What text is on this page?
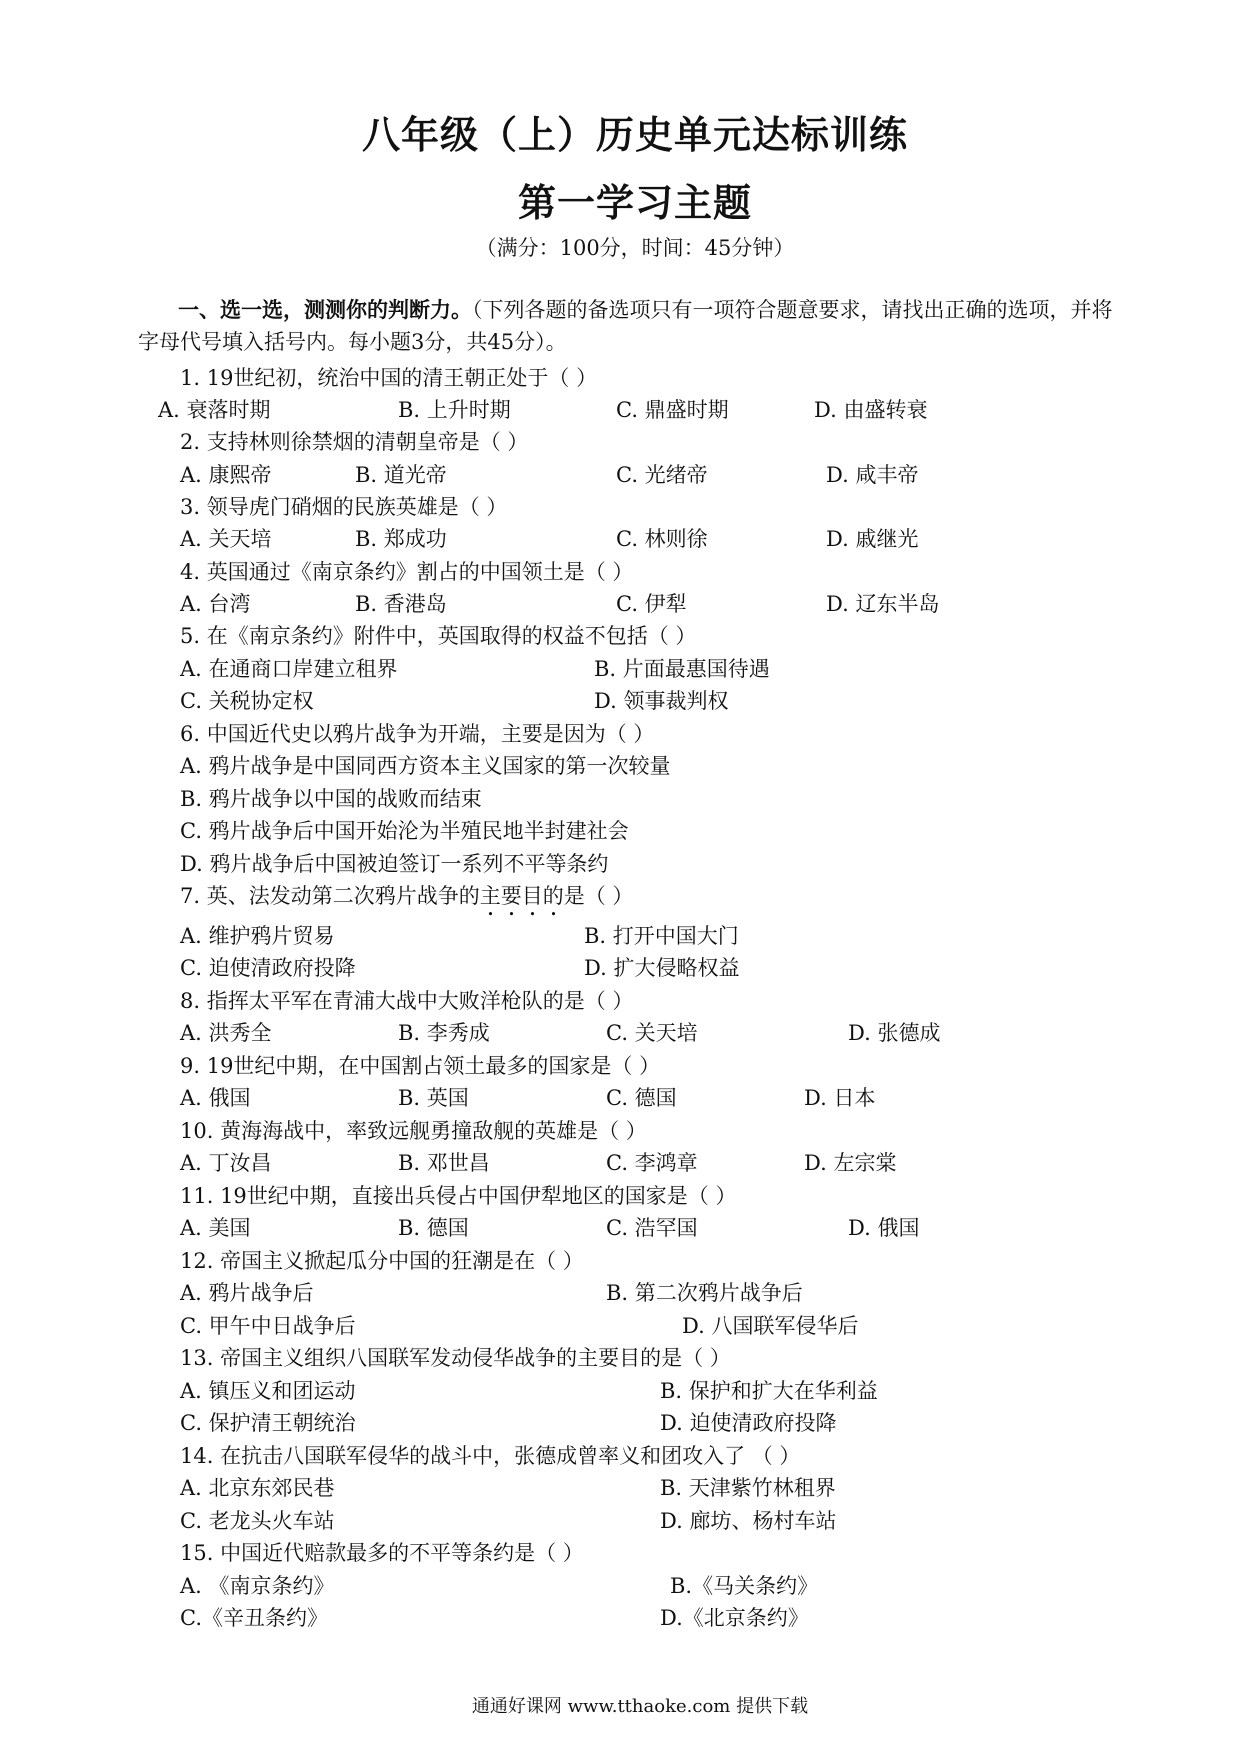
八年级（上）历史单元达标训练
第一学习主题
（满分：100分，时间：45分钟）
一、选一选，测测你的判断力。（下列各题的备选项只有一项符合题意要求，请找出正确的选项，并将字母代号填入括号内。每小题3分，共45分）。
1. 19世纪初，统治中国的清王朝正处于（ ）
A. 衰落时期	B. 上升时期	C. 鼎盛时期	D. 由盛转衰
2. 支持林则徐禁烟的清朝皇帝是（ ）
A. 康熙帝	B. 道光帝	C. 光绪帝	D. 咸丰帝
3. 领导虎门硝烟的民族英雄是（ ）
A. 关天培	B. 郑成功	C. 林则徐	D. 戚继光
4. 英国通过《南京条约》割占的中国领土是（ ）
A. 台湾	B. 香港岛	C. 伊犁	D. 辽东半岛
5. 在《南京条约》附件中，英国取得的权益不包括（ ）
A. 在通商口岸建立租界	B. 片面最惠国待遇
C. 关税协定权	D. 领事裁判权
6. 中国近代史以鸦片战争为开端，主要是因为（ ）
A. 鸦片战争是中国同西方资本主义国家的第一次较量
B. 鸦片战争以中国的战败而结束
C. 鸦片战争后中国开始沦为半殖民地半封建社会
D. 鸦片战争后中国被迫签订一系列不平等条约
7. 英、法发动第二次鸦片战争的主要目的是（ ）
A. 维护鸦片贸易	B. 打开中国大门
C. 迫使清政府投降	D. 扩大侵略权益
8. 指挥太平军在青浦大战中大败洋枪队的是（ ）
A. 洪秀全	B. 李秀成	C. 关天培	D. 张德成
9. 19世纪中期，在中国割占领土最多的国家是（ ）
A. 俄国	B. 英国	C. 德国	D. 日本
10. 黄海海战中，率致远舰勇撞敌舰的英雄是（ ）
A. 丁汝昌	B. 邓世昌	C. 李鸿章	D. 左宗棠
11. 19世纪中期，直接出兵侵占中国伊犁地区的国家是（ ）
A. 美国	B. 德国	C. 浩罕国	D. 俄国
12. 帝国主义掀起瓜分中国的狂潮是在（ ）
A. 鸦片战争后	B. 第二次鸦片战争后
C. 甲午中日战争后	D. 八国联军侵华后
13. 帝国主义组织八国联军发动侵华战争的主要目的是（ ）
A. 镇压义和团运动	B. 保护和扩大在华利益
C. 保护清王朝统治	D. 迫使清政府投降
14. 在抗击八国联军侵华的战斗中，张德成曾率义和团攻入了 （ ）
A. 北京东郊民巷	B. 天津紫竹林租界
C. 老龙头火车站	D. 廊坊、杨村车站
15. 中国近代赔款最多的不平等条约是（ ）
A. 《南京条约》	B.《马关条约》
C.《辛丑条约》	D.《北京条约》
通通好课网 www.tthaoke.com 提供下载
